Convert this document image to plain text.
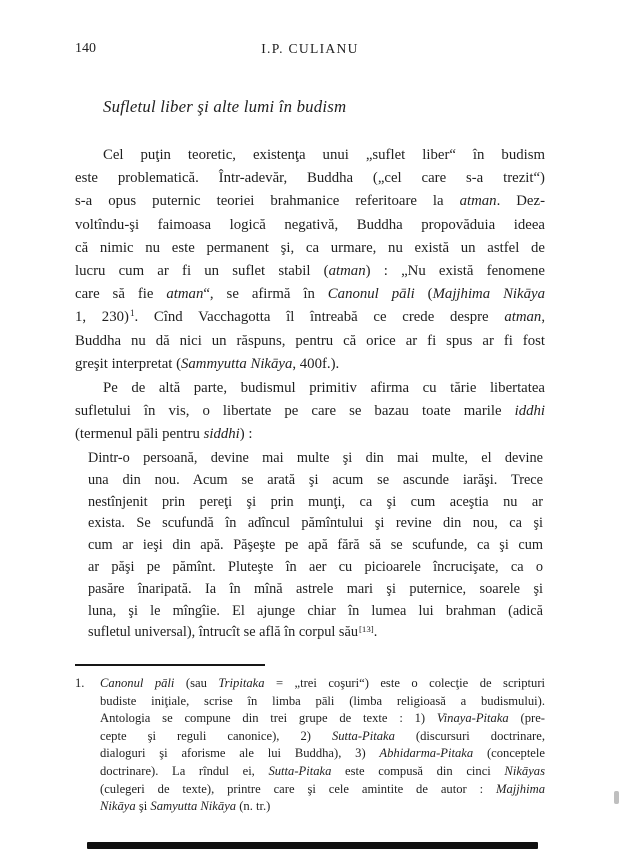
140	I.P. CULIANU
Sufletul liber şi alte lumi în budism
Cel puţin teoretic, existenţa unui „suflet liber“ în budism
este problematică. Într-adevăr, Buddha („cel care s-a trezit“)
s-a opus puternic teoriei brahmanice referitoare la atman. Dez-
voltîndu-şi faimoasa logică negativă, Buddha propovăduia ideea
că nimic nu este permanent şi, ca urmare, nu există un astfel de
lucru cum ar fi un suflet stabil (atman) : „Nu există fenomene
care să fie atman“, se afirmă în Canonul pāli (Majjhima Nikāya
1, 230)$^1$. Cînd Vacchagotta îl întreabă ce crede despre atman,
Buddha nu dă nici un răspuns, pentru că orice ar fi spus ar fi fost
greşit interpretat (Sammyutta Nikāya, 400f.).
Pe de altă parte, budismul primitiv afirma cu tărie libertatea
sufletului în vis, o libertate pe care se bazau toate marile iddhi
(termenul pāli pentru siddhi) :
Dintr-o persoană, devine mai multe şi din mai multe, el devine
una din nou. Acum se arată şi acum se ascunde iarăşi. Trece
nestînjenit prin pereţi şi prin munţi, ca şi cum aceştia nu ar
exista. Se scufundă în adîncul pămîntului şi revine din nou, ca şi
cum ar ieşi din apă. Păşeşte pe apă fără să se scufunde, ca şi cum
ar păşi pe pămînt. Pluteşte în aer cu picioarele încrucişate, ca o
pasăre înaripată. Ia în mînă astrele mari şi puternice, soarele şi
luna, şi le mîngîie. El ajunge chiar în lumea lui brahman (adică
sufletul universal), întrucît se află în corpul său[13].
1.	Canonul pāli (sau Tripitaka = „trei coşuri“) este o colecţie de scripturi
budiste iniţiale, scrise în limba pāli (limba religioasă a budismului).
Antologia se compune din trei grupe de texte : 1) Vinaya-Pitaka (pre-
cepte şi reguli canonice), 2) Sutta-Pitaka (discursuri doctrinare,
dialoguri şi aforisme ale lui Buddha), 3) Abhidarma-Pitaka (conceptele
doctrinare). La rîndul ei, Sutta-Pitaka este compusă din cinci Nikāyas
(culegeri de texte), printre care şi cele amintite de autor : Majjhima
Nikāya şi Samyutta Nikāya (n. tr.)
